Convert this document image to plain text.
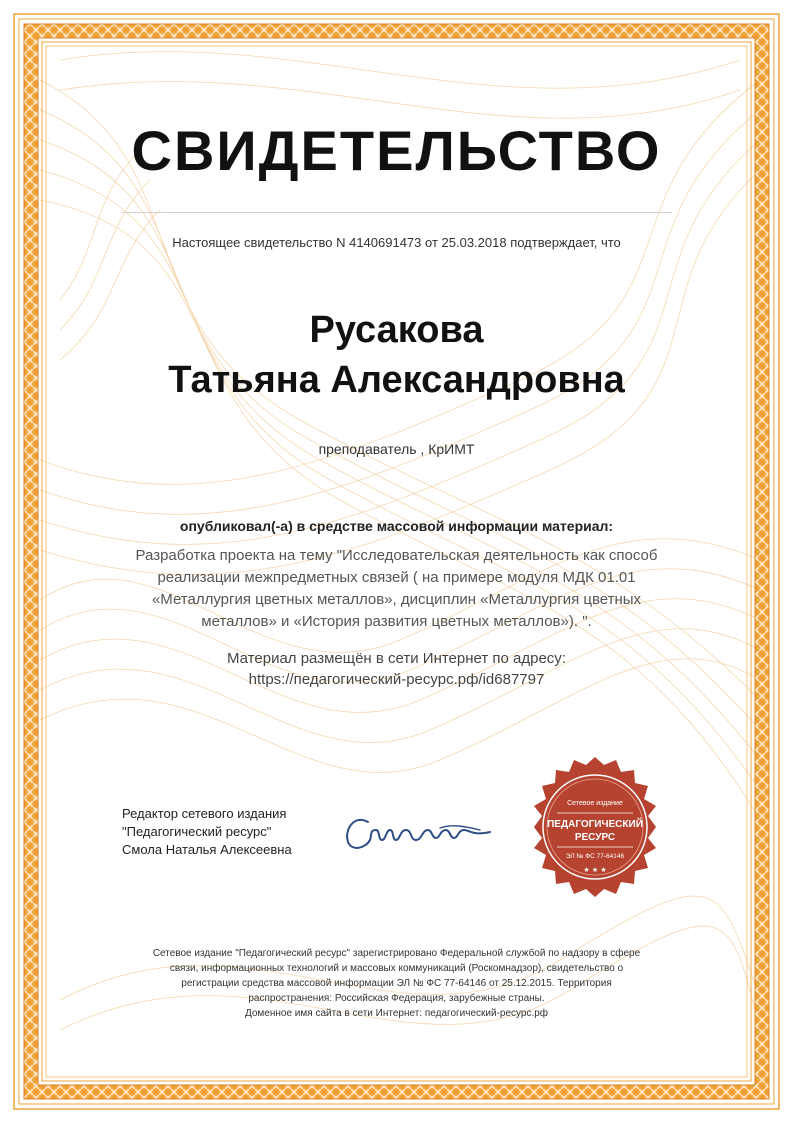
СВИДЕТЕЛЬСТВО
Настоящее свидетельство N 4140691473 от 25.03.2018 подтверждает, что
Русакова
Татьяна Александровна
преподаватель , КрИМТ
опубликовал(-а) в средстве массовой информации материал:
Разработка проекта на тему "Исследовательская деятельность как способ реализации межпредметных связей ( на примере модуля МДК 01.01 «Металлургия цветных металлов», дисциплин «Металлургия цветных металлов» и «История развития цветных металлов»). ".
Материал размещён в сети Интернет по адресу:
https://педагогический-ресурс.рф/id687797
Редактор сетевого издания
"Педагогический ресурс"
Смола Наталья Алексеевна
Сетевое издание
ПЕДАГОГИЧЕСКИЙ
РЕСУРС
ЭЛ № ФС 77-64146
★ ★ ★
Сетевое издание "Педагогический ресурс" зарегистрировано Федеральной службой по надзору в сфере
связи, информационных технологий и массовых коммуникаций (Роскомнадзор), свидетельство о
регистрации средства массовой информации ЭЛ № ФС 77-64146 от 25.12.2015. Территория
распространения: Российская Федерация, зарубежные страны.
Доменное имя сайта в сети Интернет: педагогический-ресурс.рф
